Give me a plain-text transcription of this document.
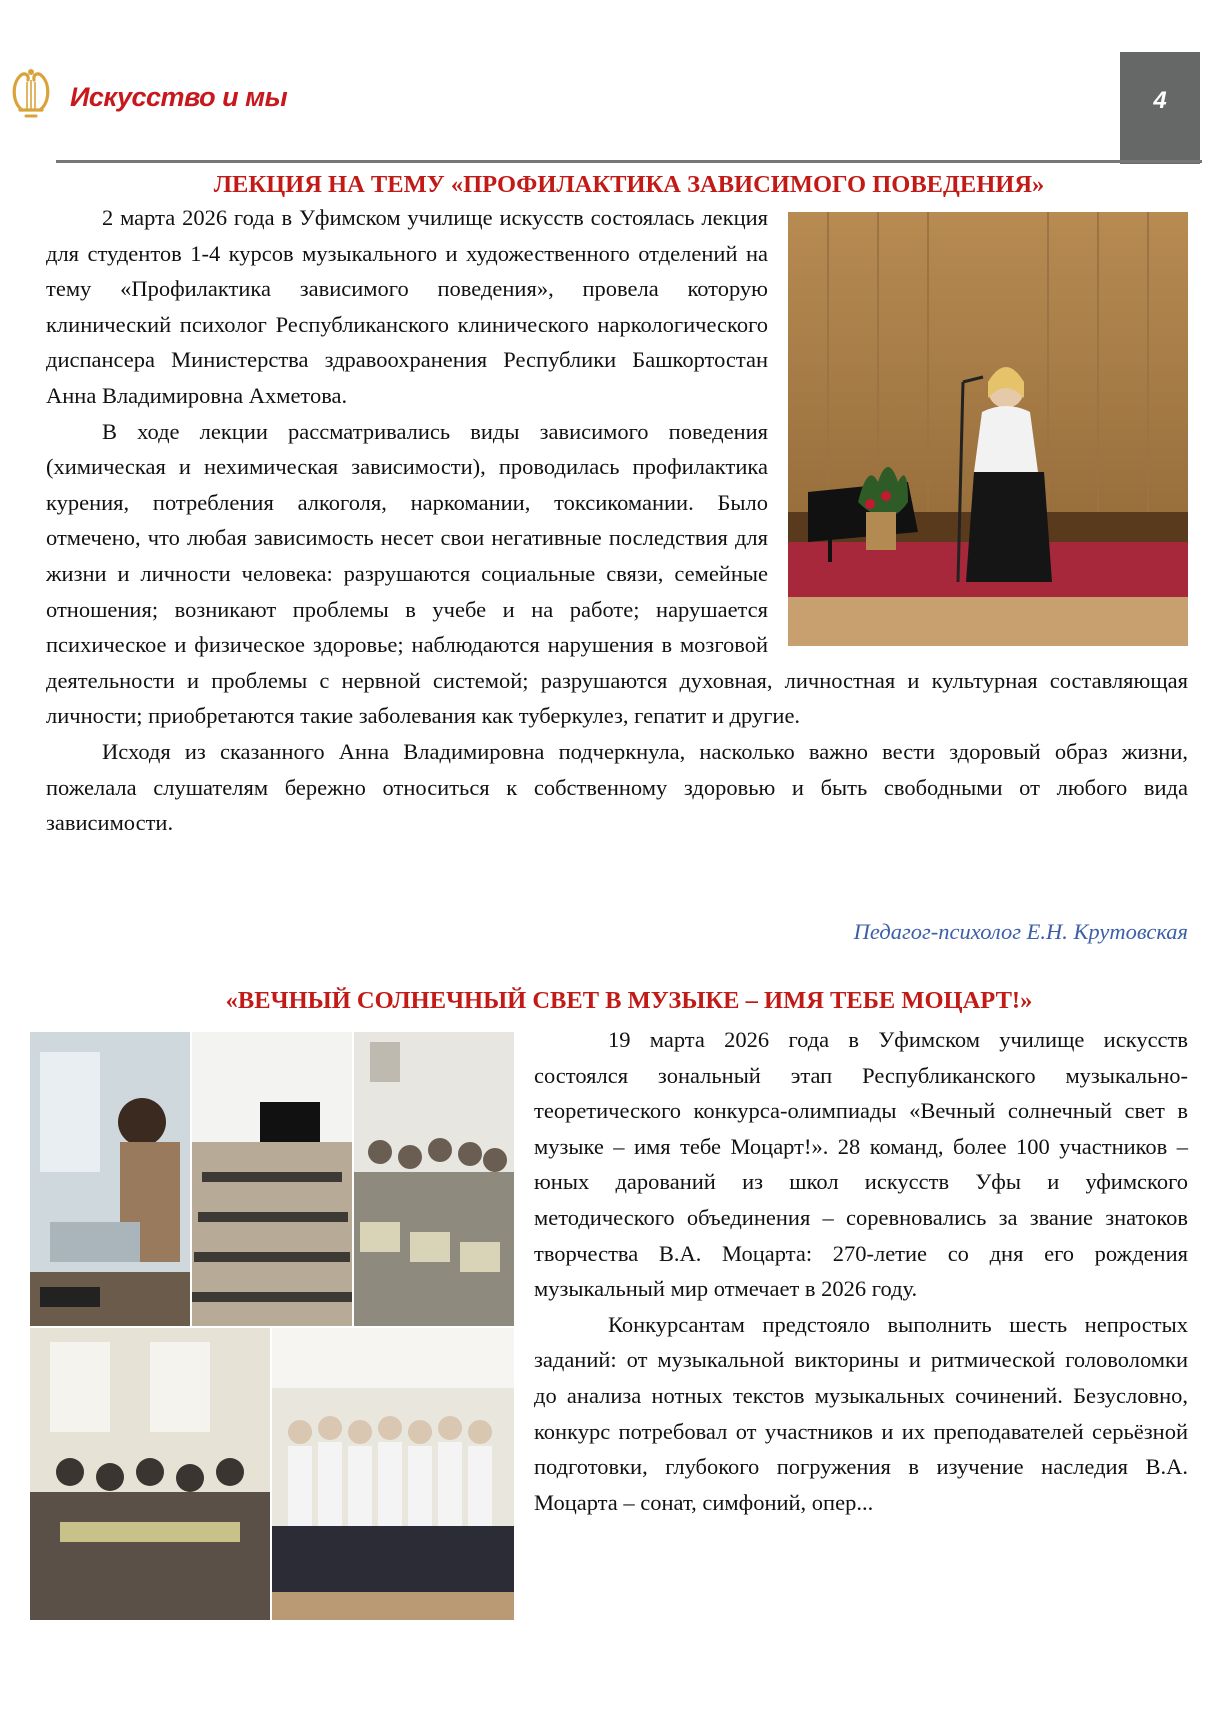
Искусство и мы	4
ЛЕКЦИЯ НА ТЕМУ «ПРОФИЛАКТИКА ЗАВИСИМОГО ПОВЕДЕНИЯ»

2 марта 2026 года в Уфимском училище искусств состоялась лекция для студентов 1-4 курсов музыкального и художественного отделений на тему «Профилактика зависимого поведения», провела которую клинический психолог Республиканского клинического наркологического диспансера Министерства здравоохранения Республики Башкортостан Анна Владимировна Ахметова.

В ходе лекции рассматривались виды зависимого поведения (химическая и нехимическая зависимости), проводилась профилактика курения, потребления алкоголя, наркомании, токсикомании. Было отмечено, что любая зависимость несет свои негативные последствия для жизни и личности человека: разрушаются социальные связи, семейные отношения; возникают проблемы в учебе и на работе; нарушается психическое и физическое здоровье; наблюдаются нарушения в мозговой деятельности и проблемы с нервной системой; разрушаются духовная, личностная и культурная составляющая личности; приобретаются такие заболевания как туберкулез, гепатит и другие.

Исходя из сказанного Анна Владимировна подчеркнула, насколько важно вести здоровый образ жизни, пожелала слушателям бережно относиться к собственному здоровью и быть свободными от любого вида зависимости.

Педагог-психолог Е.Н. Крутовская
«ВЕЧНЫЙ СОЛНЕЧНЫЙ СВЕТ В МУЗЫКЕ – ИМЯ ТЕБЕ МОЦАРТ!»

19 марта 2026 года в Уфимском училище искусств состоялся зональный этап Республиканского музыкально-теоретического конкурса-олимпиады «Вечный солнечный свет в музыке – имя тебе Моцарт!». 28 команд, более 100 участников – юных дарований из школ искусств Уфы и уфимского методического объединения – соревновались за звание знатоков творчества В.А. Моцарта: 270-летие со дня его рождения музыкальный мир отмечает в 2026 году.

Конкурсантам предстояло выполнить шесть непростых заданий: от музыкальной викторины и ритмической головоломки до анализа нотных текстов музыкальных сочинений. Безусловно, конкурс потребовал от участников и их преподавателей серьёзной подготовки, глубокого погружения в изучение наследия В.А. Моцарта – сонат, симфоний, опер...
